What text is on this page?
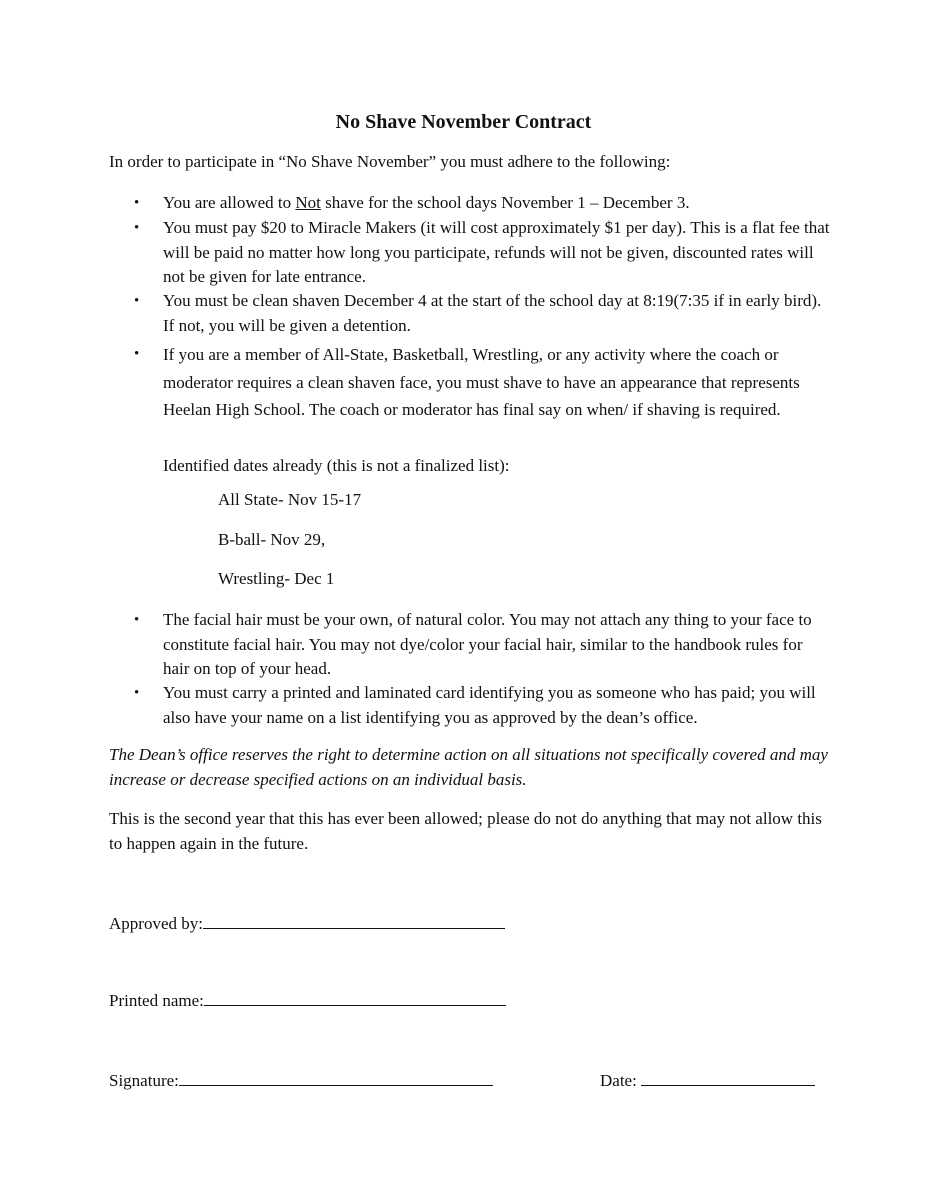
No Shave November Contract
In order to participate in “No Shave November” you must adhere to the following:
•	You are allowed to Not shave for the school days November 1 – December 3.
•	You must pay $20 to Miracle Makers (it will cost approximately $1 per day). This is a flat fee that will be paid no matter how long you participate, refunds will not be given, discounted rates will not be given for late entrance.
•	You must be clean shaven December 4 at the start of the school day at 8:19(7:35 if in early bird). If not, you will be given a detention.
•	If you are a member of All-State, Basketball, Wrestling, or any activity where the coach or moderator requires a clean shaven face, you must shave to have an appearance that represents Heelan High School. The coach or moderator has final say on when/ if shaving is required.
Identified dates already (this is not a finalized list):
All State- Nov 15-17
B-ball- Nov 29,
Wrestling- Dec 1
•	The facial hair must be your own, of natural color. You may not attach any thing to your face to constitute facial hair. You may not dye/color your facial hair, similar to the handbook rules for hair on top of your head.
•	You must carry a printed and laminated card identifying you as someone who has paid; you will also have your name on a list identifying you as approved by the dean’s office.
The Dean’s office reserves the right to determine action on all situations not specifically covered and may increase or decrease specified actions on an individual basis.
This is the second year that this has ever been allowed; please do not do anything that may not allow this to happen again in the future.
Approved by:
Printed name:
Signature:	Date:
